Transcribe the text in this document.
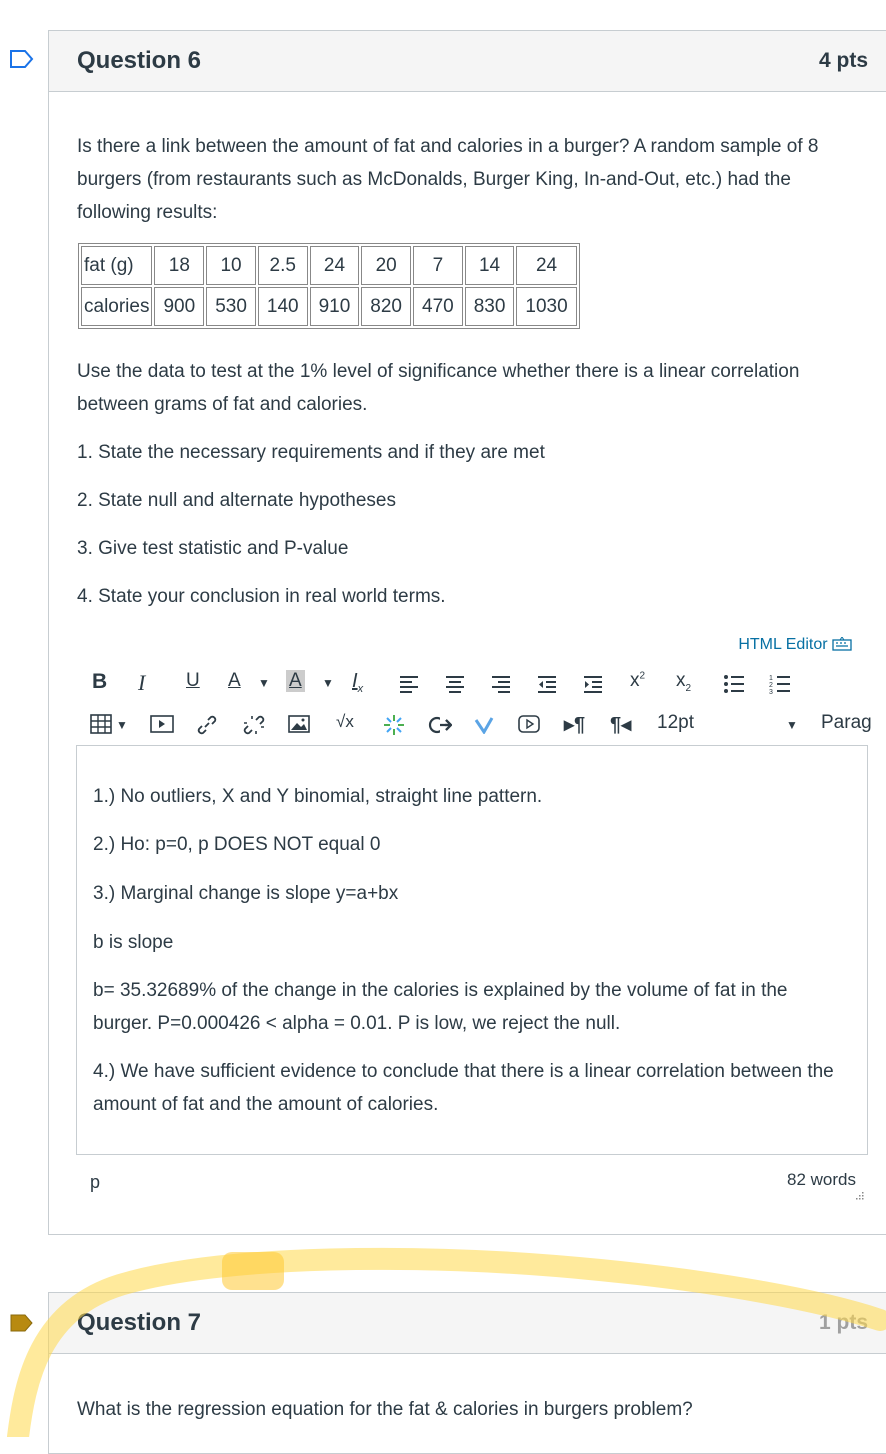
Question 6	4 pts

Is there a link between the amount of fat and calories in a burger? A random sample of 8 burgers (from restaurants such as McDonalds, Burger King, In-and-Out, etc.) had the following results:

fat (g)	18	10	2.5	24	20	7	14	24
calories	900	530	140	910	820	470	830	1030

Use the data to test at the 1% level of significance whether there is a linear correlation between grams of fat and calories.

1. State the necessary requirements and if they are met
2. State null and alternate hypotheses
3. Give test statistic and P-value
4. State your conclusion in real world terms.
HTML Editor
B I U A ▼ A ▼ $I_x$	$x^2$ $x_2$
1
2
3
▼	√x	▸¶ ¶◂ 12pt	▼ Parag
1.) No outliers, X and Y binomial, straight line pattern.
2.) Ho: p=0, p DOES NOT equal 0
3.) Marginal change is slope y=a+bx
b is slope
b= 35.32689% of the change in the calories is explained by the volume of fat in the burger. P=0.000426 < alpha = 0.01. P is low, we reject the null.
4.) We have sufficient evidence to conclude that there is a linear correlation between the amount of fat and the amount of calories.
p	82 words
Question 7	1 pts
What is the regression equation for the fat & calories in burgers problem?
